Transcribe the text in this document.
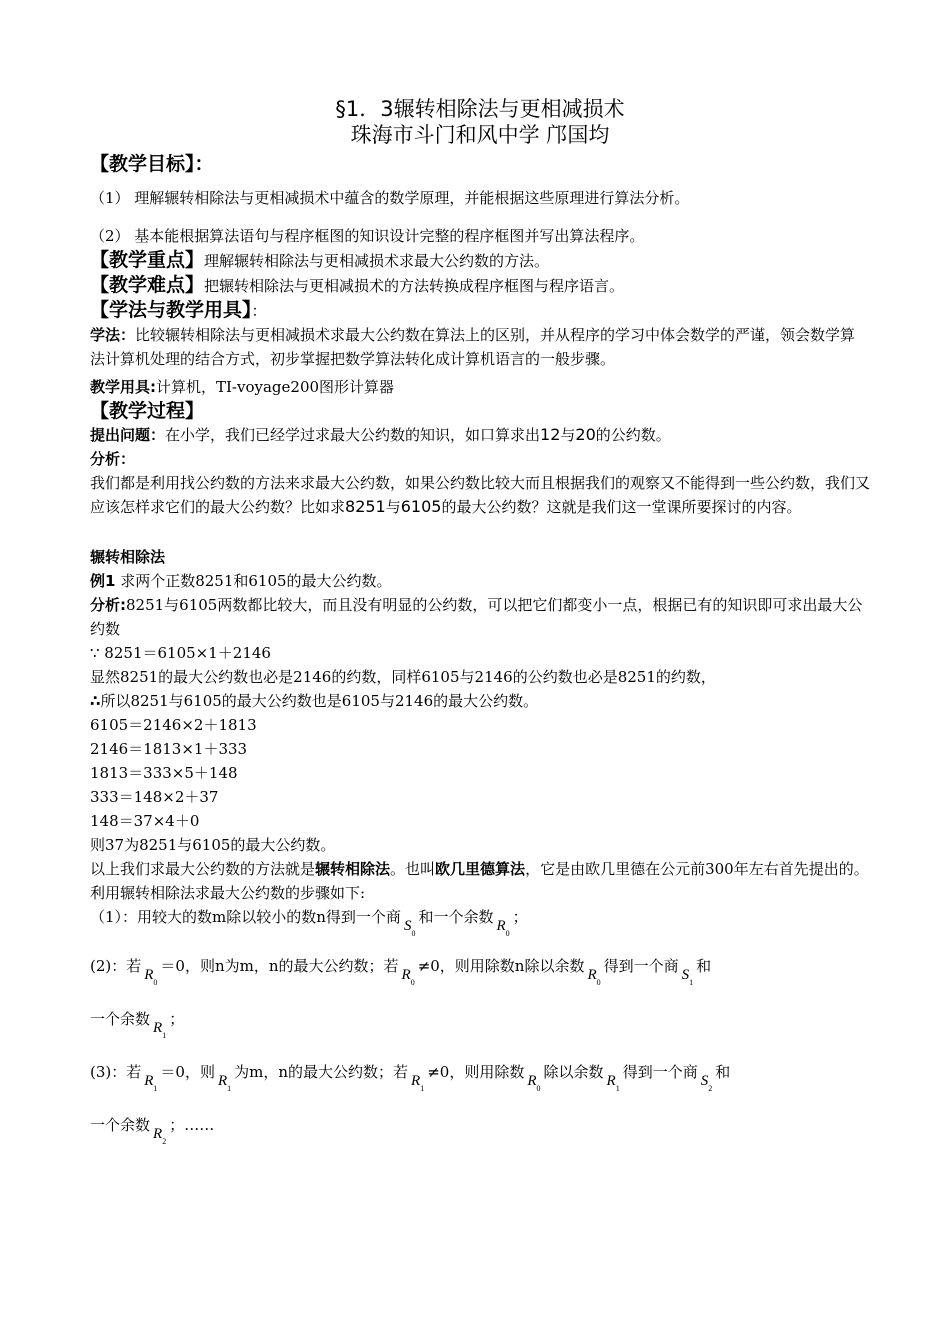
§1．3辗转相除法与更相减损术

珠海市斗门和风中学 邝国均

【教学目标】：

（1） 理解辗转相除法与更相减损术中蕴含的数学原理，并能根据这些原理进行算法分析。

（2） 基本能根据算法语句与程序框图的知识设计完整的程序框图并写出算法程序。

【教学重点】理解辗转相除法与更相减损术求最大公约数的方法。

【教学难点】把辗转相除法与更相减损术的方法转换成程序框图与程序语言。

【学法与教学用具】：

学法：比较辗转相除法与更相减损术求最大公约数在算法上的区别，并从程序的学习中体会数学的严谨，领会数学算法计算机处理的结合方式，初步掌握把数学算法转化成计算机语言的一般步骤。

教学用具:计算机，TI-voyage200图形计算器

【教学过程】

提出问题：在小学，我们已经学过求最大公约数的知识，如口算求出12与20的公约数。

分析：

我们都是利用找公约数的方法来求最大公约数，如果公约数比较大而且根据我们的观察又不能得到一些公约数，我们又应该怎样求它们的最大公约数？比如求8251与6105的最大公约数？这就是我们这一堂课所要探讨的内容。

辗转相除法

例1 求两个正数8251和6105的最大公约数。

分析:8251与6105两数都比较大，而且没有明显的公约数，可以把它们都变小一点，根据已有的知识即可求出最大公约数

∵ 8251＝6105×1＋2146

显然8251的最大公约数也必是2146的约数，同样6105与2146的公约数也必是8251的约数，

∴所以8251与6105的最大公约数也是6105与2146的最大公约数。

6105＝2146×2＋1813

2146＝1813×1＋333

1813＝333×5＋148

333＝148×2＋37

148＝37×4＋0

则37为8251与6105的最大公约数。

以上我们求最大公约数的方法就是辗转相除法。也叫欧几里德算法，它是由欧几里德在公元前300年左右首先提出的。利用辗转相除法求最大公约数的步骤如下:

（1）：用较大的数m除以较小的数n得到一个商 $S_0$和一个余数 $R_0$；

(2)：若 $R_0=0$，则n为m，n的最大公约数；若 $R_0\ne 0$，则用除数n除以余数 $R_0$得到一个商 $S_1$和

一个余数 $R_1$；

(3)：若 $R_1=0$，则 $R_1$为m，n的最大公约数；若 $R_1\ne 0$，则用除数 $R_0$除以余数 $R_1$得到一个商 $S_2$和

一个余数 $R_2$；……
